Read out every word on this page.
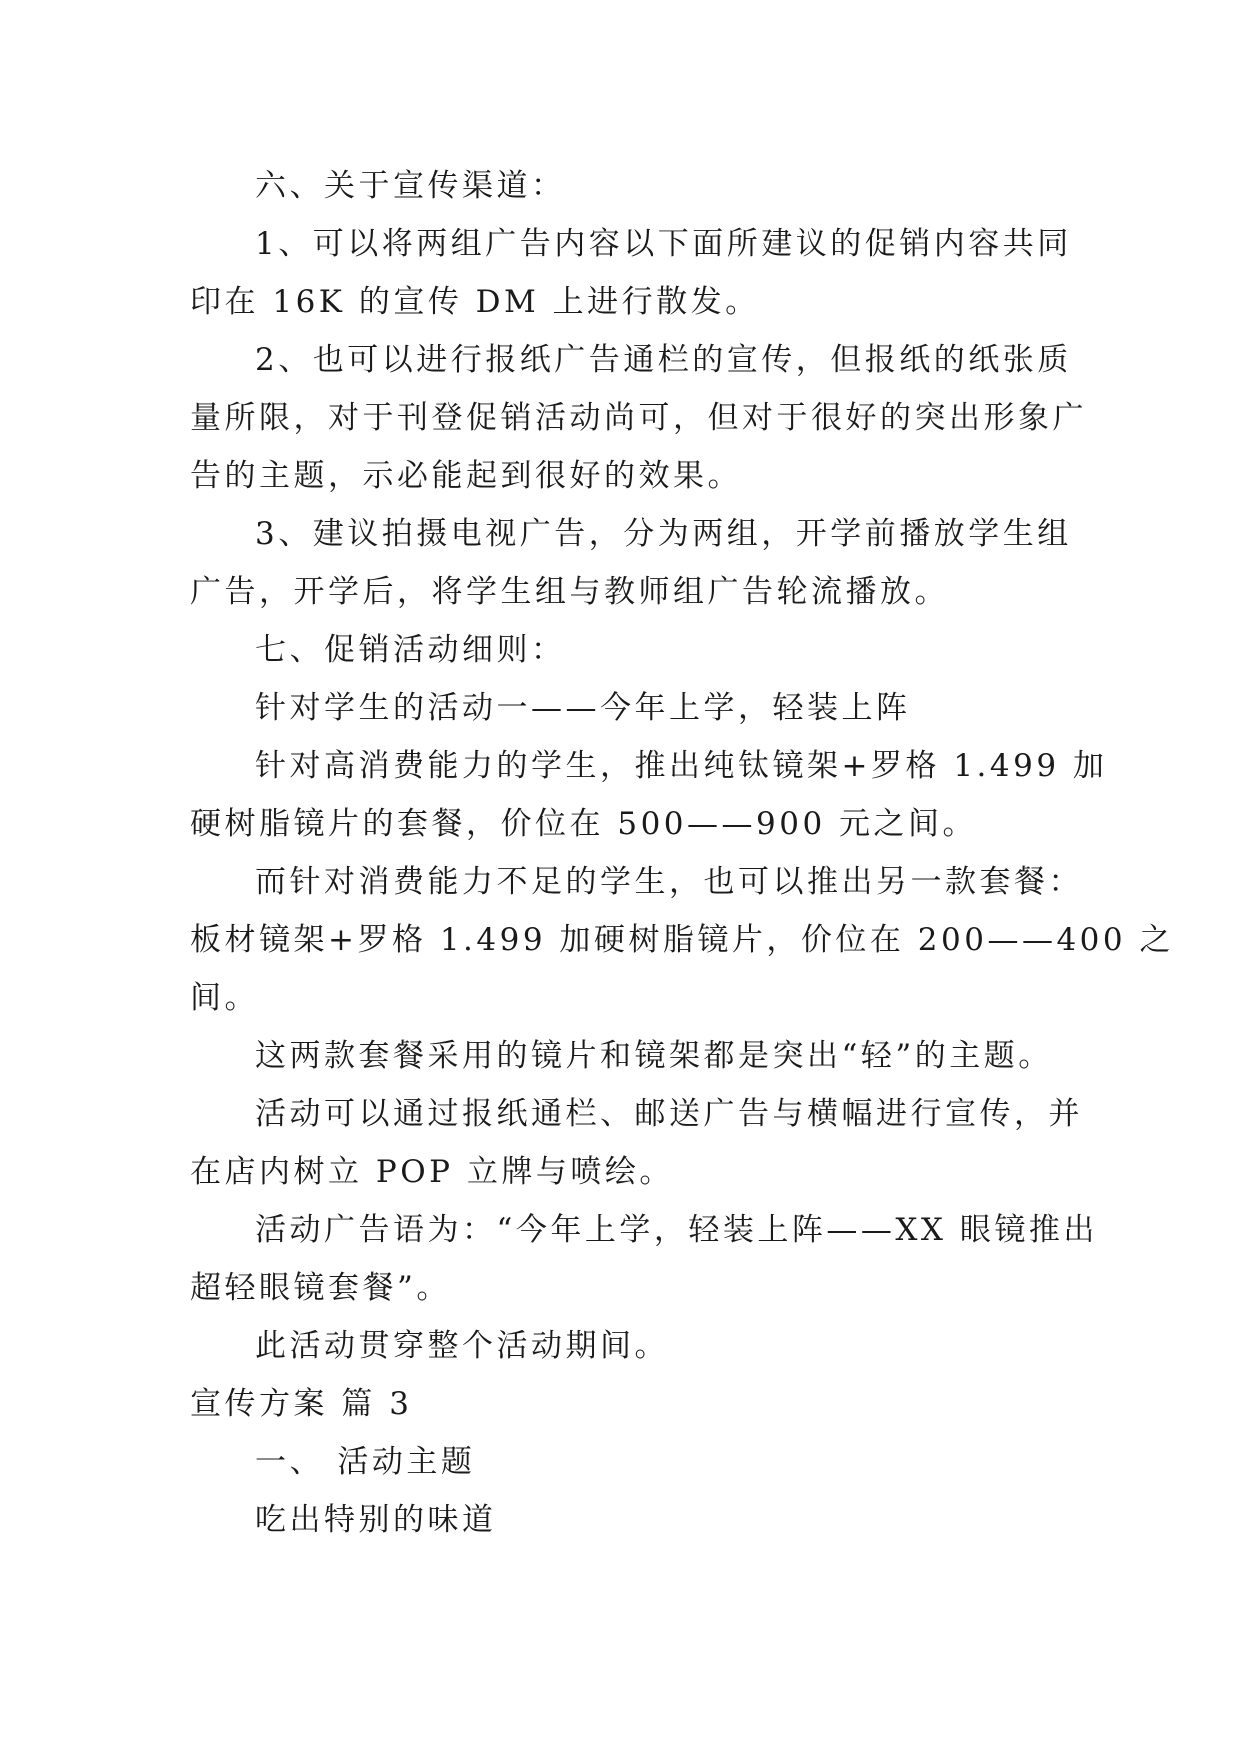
六、关于宣传渠道：
1、可以将两组广告内容以下面所建议的促销内容共同
印在 16K 的宣传 DM 上进行散发。
2、也可以进行报纸广告通栏的宣传，但报纸的纸张质
量所限，对于刊登促销活动尚可，但对于很好的突出形象广
告的主题，示必能起到很好的效果。
3、建议拍摄电视广告，分为两组，开学前播放学生组
广告，开学后，将学生组与教师组广告轮流播放。
七、促销活动细则：
针对学生的活动一——今年上学，轻装上阵
针对高消费能力的学生，推出纯钛镜架+罗格 1.499 加
硬树脂镜片的套餐，价位在 500——900 元之间。
而针对消费能力不足的学生，也可以推出另一款套餐：
板材镜架+罗格 1.499 加硬树脂镜片，价位在 200——400 之
间。
这两款套餐采用的镜片和镜架都是突出“轻”的主题。
活动可以通过报纸通栏、邮送广告与横幅进行宣传，并
在店内树立 POP 立牌与喷绘。
活动广告语为：“今年上学，轻装上阵——XX 眼镜推出
超轻眼镜套餐”。
此活动贯穿整个活动期间。
宣传方案 篇 3
一、 活动主题
吃出特别的味道
